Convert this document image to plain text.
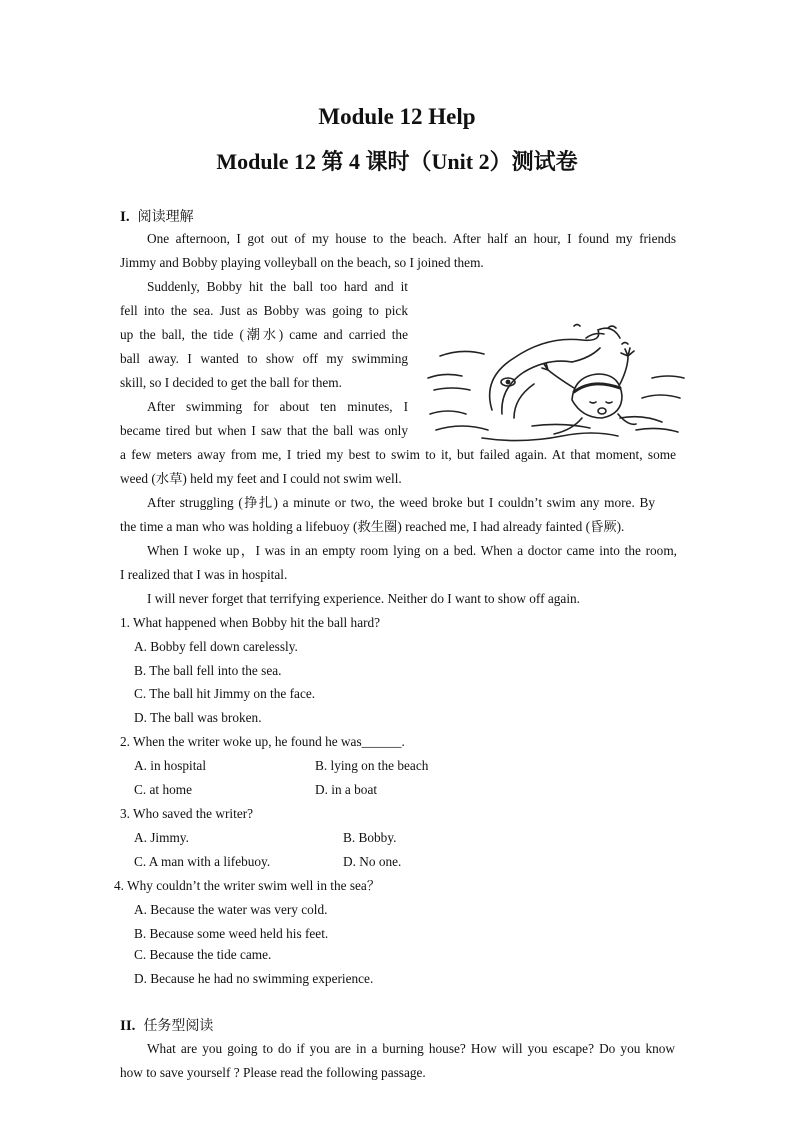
Module 12 Help
Module 12 第 4 课时（Unit 2）测试卷
I. 阅读理解
One afternoon, I got out of my house to the beach. After half an hour, I found my friends
Jimmy and Bobby playing volleyball on the beach, so I joined them.
Suddenly, Bobby hit the ball too hard and it
fell into the sea. Just as Bobby was going to pick
up the ball, the tide (潮水) came and carried the
ball away. I wanted to show off my swimming
skill, so I decided to get the ball for them.
After swimming for about ten minutes, I
became tired but when I saw that the ball was only
a few meters away from me, I tried my best to swim to it, but failed again. At that moment, some
weed (水草) held my feet and I could not swim well.
After struggling (挣扎) a minute or two, the weed broke but I couldn’t swim any more. By
the time a man who was holding a lifebuoy (救生圈) reached me, I had already fainted (昏厥).
When I woke up，I was in an empty room lying on a bed. When a doctor came into the room,
I realized that I was in hospital.
I will never forget that terrifying experience. Neither do I want to show off again.
1. What happened when Bobby hit the ball hard?
A. Bobby fell down carelessly.
B. The ball fell into the sea.
C. The ball hit Jimmy on the face.
D. The ball was broken.
2. When the writer woke up, he found he was______.
A. in hospital	B. lying on the beach
C. at home	D. in a boat
3. Who saved the writer?
A. Jimmy.	B. Bobby.
C. A man with a lifebuoy.	D. No one.
4. Why couldn’t the writer swim well in the sea？
A. Because the water was very cold.
B. Because some weed held his feet.
C. Because the tide came.
D. Because he had no swimming experience.
II. 任务型阅读
What are you going to do if you are in a burning house? How will you escape? Do you know
how to save yourself ? Please read the following passage.
